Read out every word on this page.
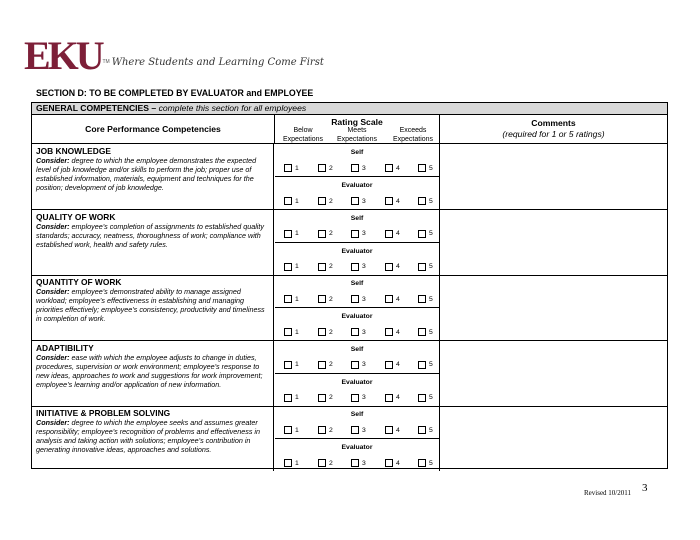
EKU TM Where Students and Learning Come First
SECTION D: TO BE COMPLETED BY EVALUATOR and EMPLOYEE
GENERAL COMPETENCIES – complete this section for all employees
Core Performance Competencies
Rating Scale
Below
Expectations
Meets
Expectations
Exceeds
Expectations
Comments
(required for 1 or 5 ratings)
JOB KNOWLEDGE
Consider: degree to which the employee demonstrates the expected level of job knowledge and/or skills to perform the job; proper use of established information, materials, equipment and techniques for the position; development of job knowledge.
Self
1	2	3	4	5
Evaluator
1	2	3	4	5
QUALITY OF WORK
Consider: employee’s completion of assignments to established quality standards; accuracy, neatness, thoroughness of work; compliance with established work, health and safety rules.
Self
1	2	3	4	5
Evaluator
1	2	3	4	5
QUANTITY OF WORK
Consider: employee’s demonstrated ability to manage assigned workload; employee’s effectiveness in establishing and managing priorities effectively; employee’s consistency, productivity and timeliness in completion of work.
Self
1	2	3	4	5
Evaluator
1	2	3	4	5
ADAPTIBILITY
Consider: ease with which the employee adjusts to change in duties, procedures, supervision or work environment; employee’s response to new ideas, approaches to work and suggestions for work improvement; employee’s learning and/or application of new information.
Self
1	2	3	4	5
Evaluator
1	2	3	4	5
INITIATIVE & PROBLEM SOLVING
Consider: degree to which the employee seeks and assumes greater responsibility; employee’s recognition of problems and effectiveness in analysis and taking action with solutions; employee’s contribution in generating innovative ideas, approaches and solutions.
Self
1	2	3	4	5
Evaluator
1	2	3	4	5
3
Revised 10/2011
